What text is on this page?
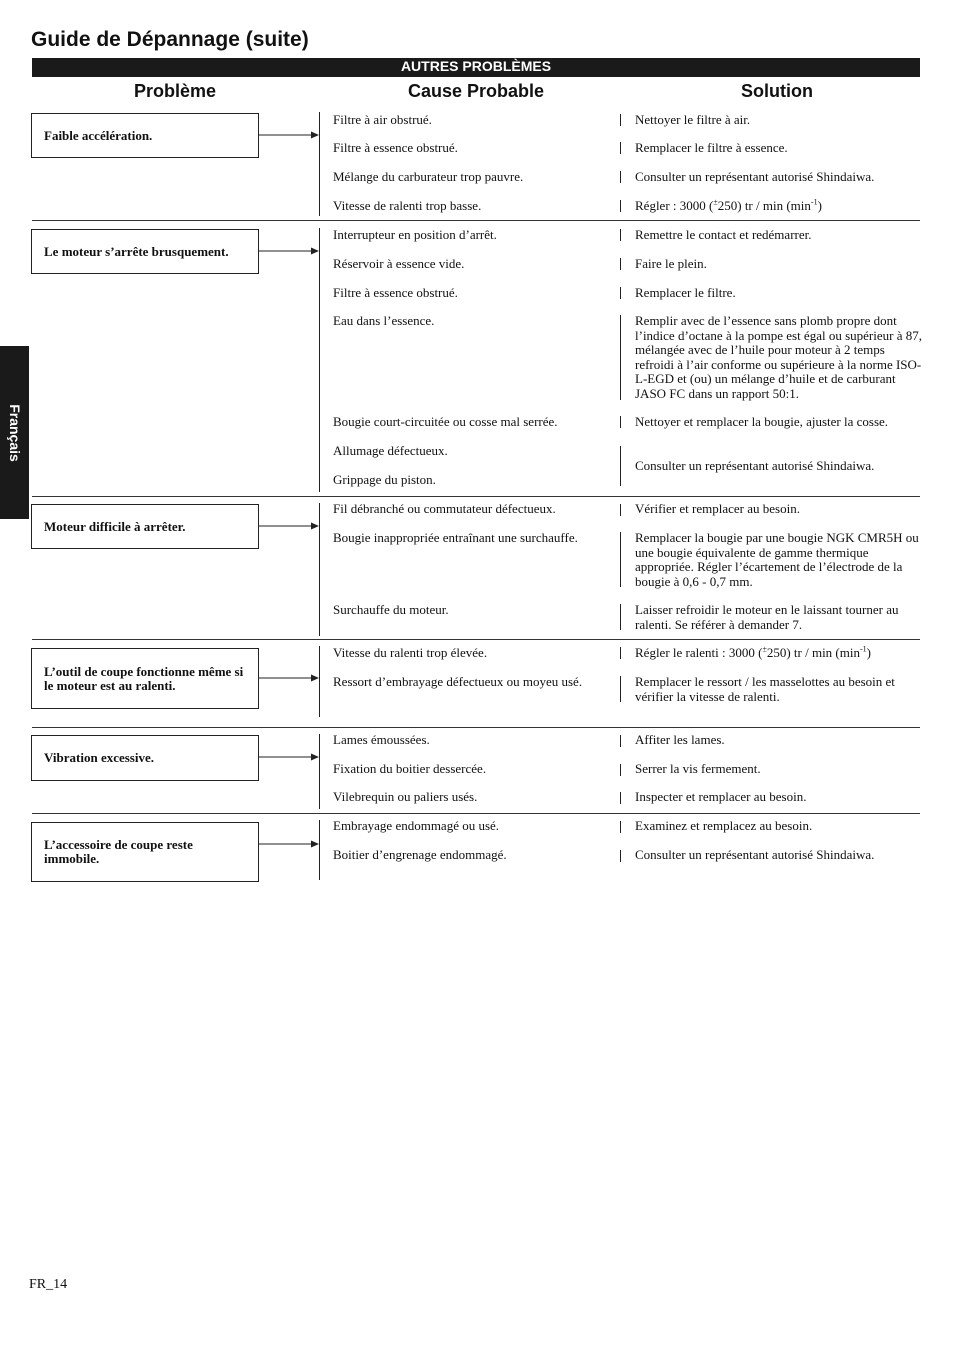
Guide de Dépannage (suite)
AUTRES PROBLÈMES
Problème	Cause Probable	Solution
Français
Faible accélération.
Filtre à air obstrué.
Filtre à essence obstrué.
Mélange du carburateur trop pauvre.
Vitesse de ralenti trop basse.
Nettoyer le filtre à air.
Remplacer le filtre à essence.
Consulter un représentant autorisé Shindaiwa.
Régler : 3000 (±250) tr / $\min (\min^{-1})$
Le moteur s’arrête brusquement.
Interrupteur en position d’arrêt.
Réservoir à essence vide.
Filtre à essence obstrué.
Eau dans l’essence.
Bougie court-circuitée ou cosse mal serrée.
Allumage défectueux.
Grippage du piston.
Remettre le contact et redémarrer.
Faire le plein.
Remplacer le filtre.
Remplir avec de l’essence sans plomb propre dont l’indice d’octane à la pompe est égal ou supérieur à 87, mélangée avec de l’huile pour moteur à 2 temps refroidi à l’air conforme ou supérieure à la norme ISO-L-EGD et (ou) un mélange d’huile et de carburant JASO FC dans un rapport 50:1.
Nettoyer et remplacer la bougie, ajuster la cosse.
Consulter un représentant autorisé Shindaiwa.
Moteur difficile à arrêter.
Fil débranché ou commutateur défectueux.
Bougie inappropriée entraînant une surchauffe.
Surchauffe du moteur.
Vérifier et remplacer au besoin.
Remplacer la bougie par une bougie NGK CMR5H ou une bougie équivalente de gamme thermique appropriée. Régler l’écartement de l’électrode de la bougie à 0,6 - 0,7 mm.
Laisser refroidir le moteur en le laissant tourner au ralenti. Se référer à demander 7.
L’outil de coupe fonctionne même si le moteur est au ralenti.
Vitesse du ralenti trop élevée.
Ressort d’embrayage défectueux ou moyeu usé.
Régler le ralenti : 3000 (±250) tr / $\min (\min^{-1})$
Remplacer le ressort / les masselottes au besoin et vérifier la vitesse de ralenti.
Vibration excessive.
Lames émoussées.
Fixation du boitier dessercée.
Vilebrequin ou paliers usés.
Affiter les lames.
Serrer la vis fermement.
Inspecter et remplacer au besoin.
L’accessoire de coupe reste immobile.
Embrayage endommagé ou usé.
Boitier d’engrenage endommagé.
Examinez et remplacez au besoin.
Consulter un représentant autorisé Shindaiwa.
FR_14
